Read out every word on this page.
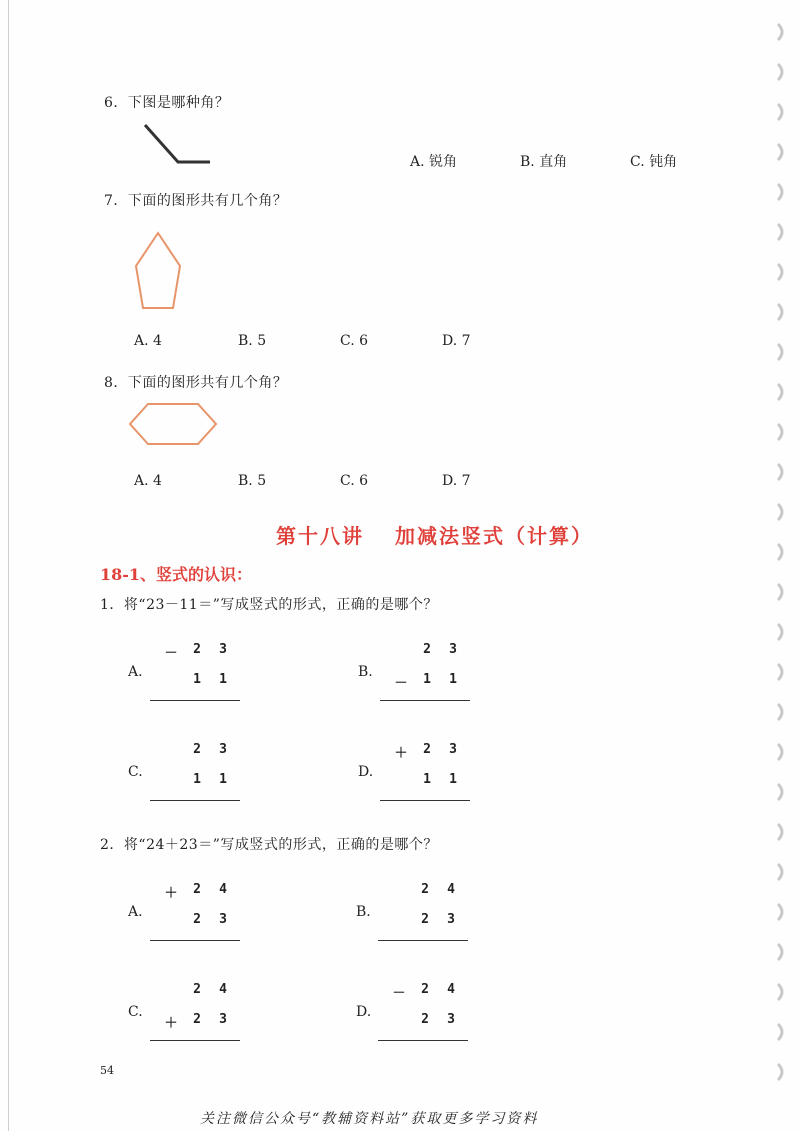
6．下图是哪种角？
A. 锐角	B. 直角	C. 钝角
7．下面的图形共有几个角？
A. 4	B. 5	C. 6	D. 7
8．下面的图形共有几个角？
A. 4	B. 5	C. 6	D. 7
第十八讲　 加减法竖式（计算）
18-1、竖式的认识：
1．将“23－11＝”写成竖式的形式，正确的是哪个？
A.
－ 2 3
1 1	B.
2 3
－ 1 1
C.
2 3
1 1	D.
＋ 2 3
1 1
2．将“24＋23＝”写成竖式的形式，正确的是哪个？
A.
＋ 2 4
2 3	B.
2 4
2 3
C.
2 4
＋ 2 3	D.
－ 2 4
2 3
54
关注微信公众号“教辅资料站”获取更多学习资料
